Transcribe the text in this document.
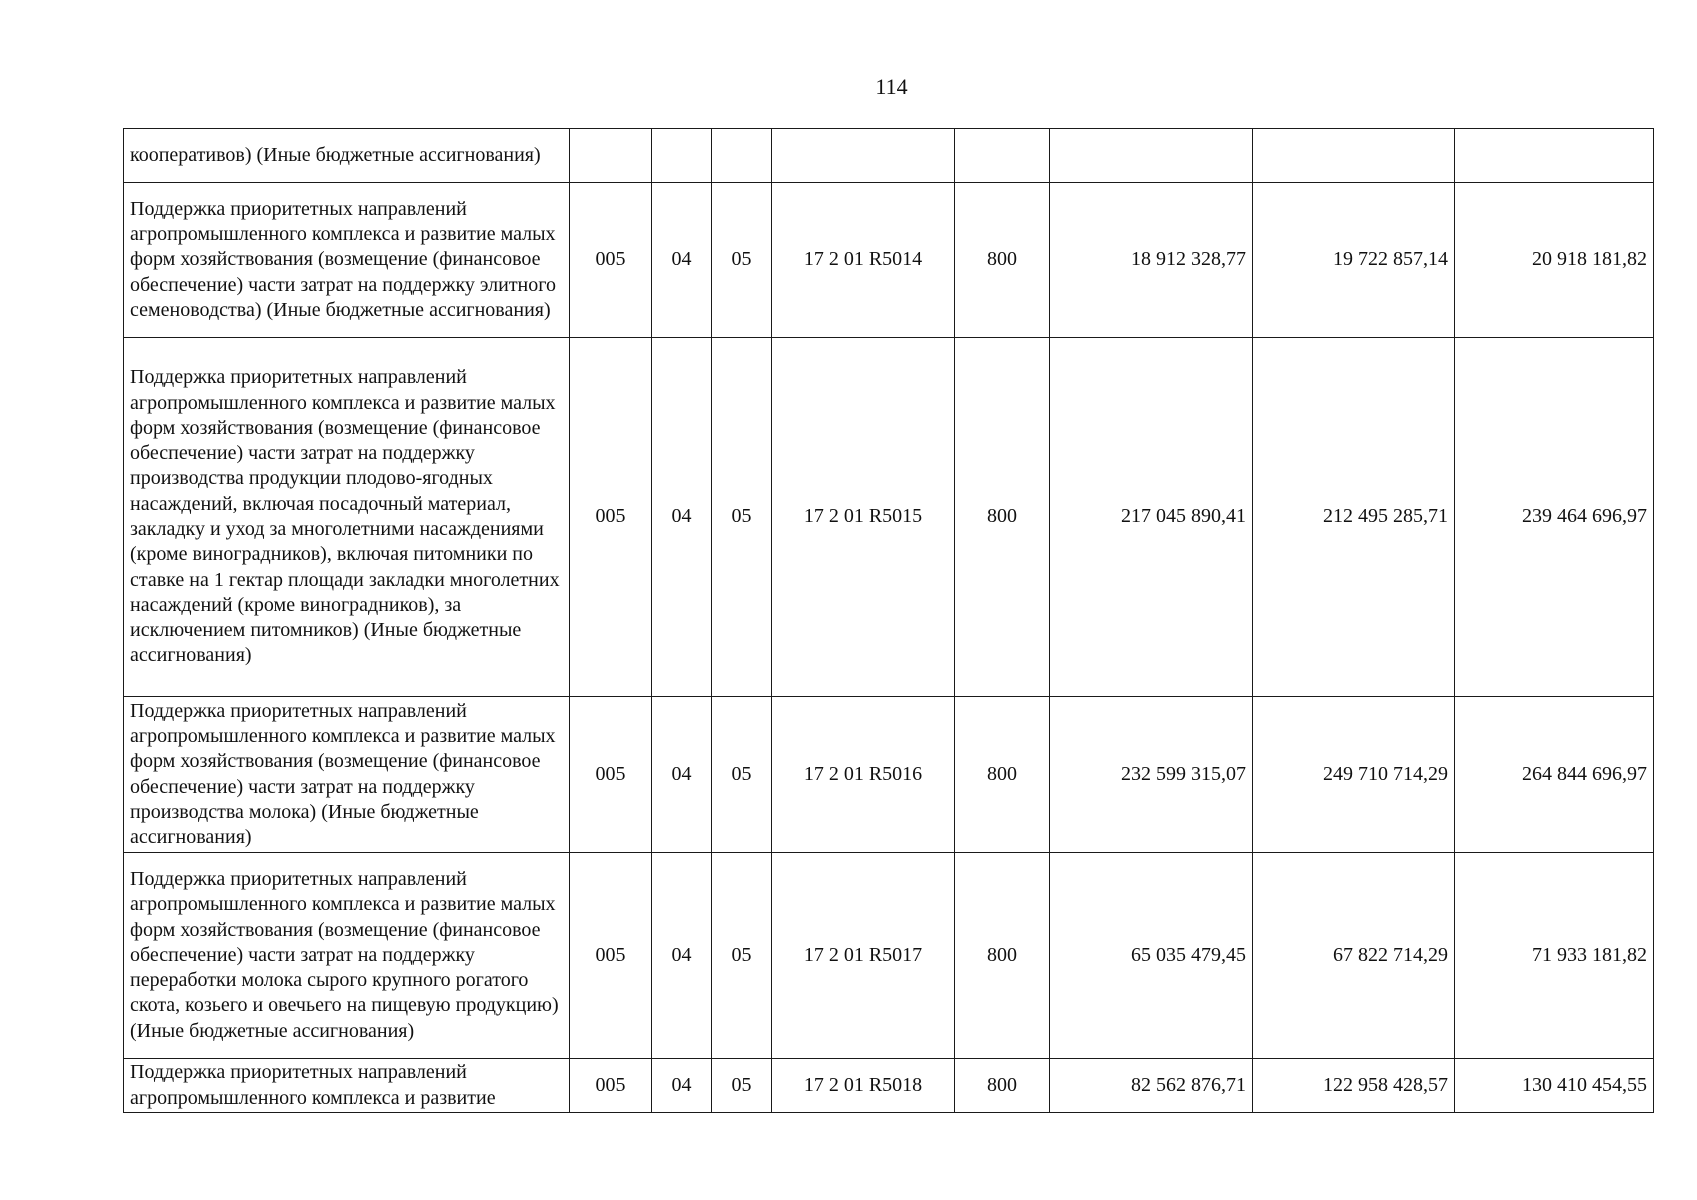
114
кооперативов) (Иные бюджетные ассигнования)								
Поддержка приоритетных направлений агропромышленного комплекса и развитие малых форм хозяйствования (возмещение (финансовое обеспечение) части затрат на поддержку элитного семеноводства) (Иные бюджетные ассигнования)	005	04	05	17 2 01 R5014	800	18 912 328,77	19 722 857,14	20 918 181,82
Поддержка приоритетных направлений агропромышленного комплекса и развитие малых форм хозяйствования (возмещение (финансовое обеспечение) части затрат на поддержку производства продукции плодово-ягодных насаждений, включая посадочный материал, закладку и уход за многолетними насаждениями (кроме виноградников), включая питомники по ставке на 1 гектар площади закладки многолетних насаждений (кроме виноградников), за исключением питомников) (Иные бюджетные ассигнования)	005	04	05	17 2 01 R5015	800	217 045 890,41	212 495 285,71	239 464 696,97
Поддержка приоритетных направлений агропромышленного комплекса и развитие малых форм хозяйствования (возмещение (финансовое обеспечение) части затрат на поддержку производства молока) (Иные бюджетные ассигнования)	005	04	05	17 2 01 R5016	800	232 599 315,07	249 710 714,29	264 844 696,97
Поддержка приоритетных направлений агропромышленного комплекса и развитие малых форм хозяйствования (возмещение (финансовое обеспечение) части затрат на поддержку переработки молока сырого крупного рогатого скота, козьего и овечьего на пищевую продукцию) (Иные бюджетные ассигнования)	005	04	05	17 2 01 R5017	800	65 035 479,45	67 822 714,29	71 933 181,82
Поддержка приоритетных направлений агропромышленного комплекса и развитие	005	04	05	17 2 01 R5018	800	82 562 876,71	122 958 428,57	130 410 454,55
